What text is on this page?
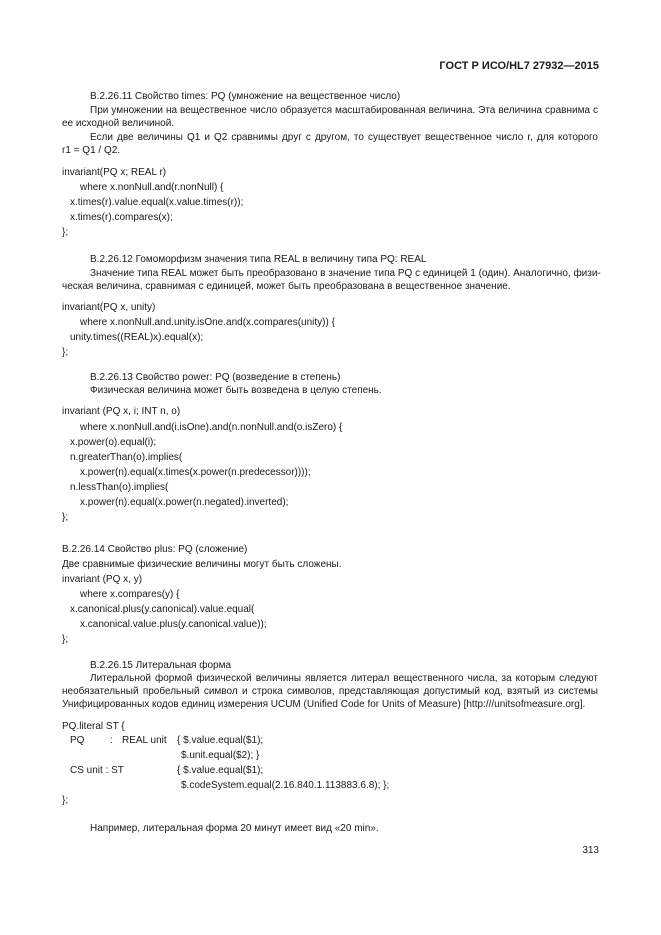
ГОСТ Р ИСО/HL7 27932—2015
B.2.26.11 Свойство times: PQ (умножение на вещественное число)
При умножении на вещественное число образуется масштабированная величина. Эта величина сравнима с
ее исходной величиной.
Если две величины Q1 и Q2 сравнимы друг с другом, то существует вещественное число r, для которого
r1 = Q1 / Q2.
invariant(PQ x; REAL r)
where x.nonNull.and(r.nonNull) {
x.times(r).value.equal(x.value.times(r));
x.times(r).compares(x);
};
B.2.26.12 Гомоморфизм значения типа REAL в величину типа PQ: REAL
Значение типа REAL может быть преобразовано в значение типа PQ с единицей 1 (один). Аналогично, физи-
ческая величина, сравнимая с единицей, может быть преобразована в вещественное значение.
invariant(PQ x, unity)
where x.nonNull.and.unity.isOne.and(x.compares(unity)) {
unity.times((REAL)x).equal(x);
};
B.2.26.13 Свойство power: PQ (возведение в степень)
Физическая величина может быть возведена в целую степень.
invariant (PQ x, i; INT n, o)
where x.nonNull.and(i.isOne).and(n.nonNull.and(o.isZero) {
x.power(o).equal(i);
n.greaterThan(o).implies(
x.power(n).equal(x.times(x.power(n.predecessor))));
n.lessThan(o).implies(
x.power(n).equal(x.power(n.negated).inverted);
};
B.2.26.14 Свойство plus: PQ (сложение)
Две сравнимые физические величины могут быть сложены.
invariant (PQ x, y)
where x.compares(y) {
x.canonical.plus(y.canonical).value.equal(
x.canonical.value.plus(y.canonical.value));
};
B.2.26.15 Литеральная форма
Литеральной формой физической величины является литерал вещественного числа, за которым следуют
необязательный пробельный символ и строка символов, представляющая допустимый код, взятый из системы
Унифицированных кодов единиц измерения UCUM (Unified Code for Units of Measure) [http:///unitsofmeasure.org].
PQ.literal ST {
PQ	: REAL unit { $.value.equal($1);
$.unit.equal($2); }
CS unit : ST	{ $.value.equal($1);
$.codeSystem.equal(2.16.840.1.113883.6.8); };
};
Например, литеральная форма 20 минут имеет вид «20 min».
313
